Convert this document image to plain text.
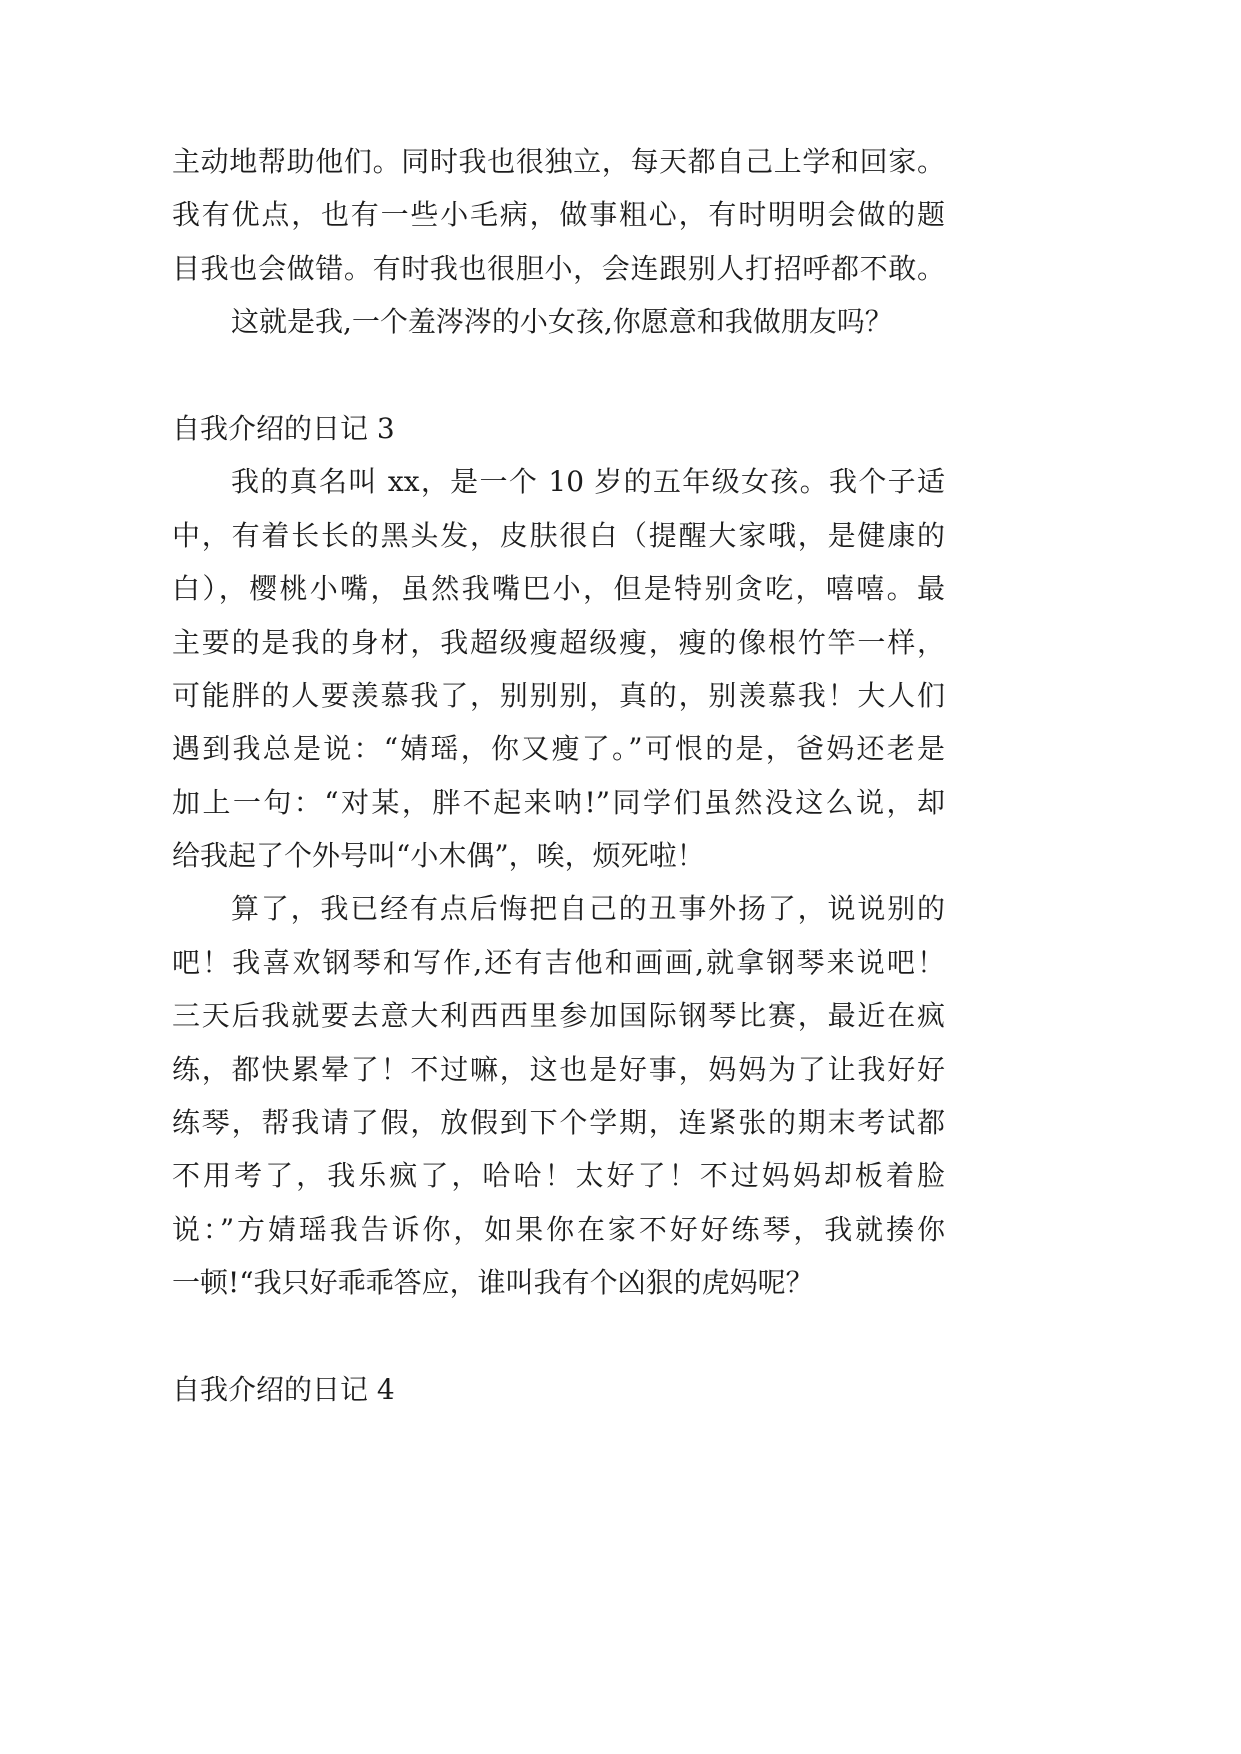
主动地帮助他们。同时我也很独立，每天都自己上学和回家。
我有优点，也有一些小毛病，做事粗心，有时明明会做的题
目我也会做错。有时我也很胆小，会连跟别人打招呼都不敢。
这就是我,一个羞涔涔的小女孩,你愿意和我做朋友吗？
自我介绍的日记 3
我的真名叫 xx，是一个 10 岁的五年级女孩。我个子适
中，有着长长的黑头发，皮肤很白（提醒大家哦，是健康的
白），樱桃小嘴，虽然我嘴巴小，但是特别贪吃，嘻嘻。最
主要的是我的身材，我超级瘦超级瘦，瘦的像根竹竿一样，
可能胖的人要羡慕我了，别别别，真的，别羡慕我！大人们
遇到我总是说：“婧瑶，你又瘦了。”可恨的是，爸妈还老是
加上一句：“对某，胖不起来呐!”同学们虽然没这么说，却
给我起了个外号叫“小木偶”，唉，烦死啦！
算了，我已经有点后悔把自己的丑事外扬了，说说别的
吧！我喜欢钢琴和写作,还有吉他和画画,就拿钢琴来说吧！
三天后我就要去意大利西西里参加国际钢琴比赛，最近在疯
练，都快累晕了！不过嘛，这也是好事，妈妈为了让我好好
练琴，帮我请了假，放假到下个学期，连紧张的期末考试都
不用考了，我乐疯了，哈哈！太好了！不过妈妈却板着脸
说：”方婧瑶我告诉你，如果你在家不好好练琴，我就揍你
一顿!“我只好乖乖答应，谁叫我有个凶狠的虎妈呢？
自我介绍的日记 4
